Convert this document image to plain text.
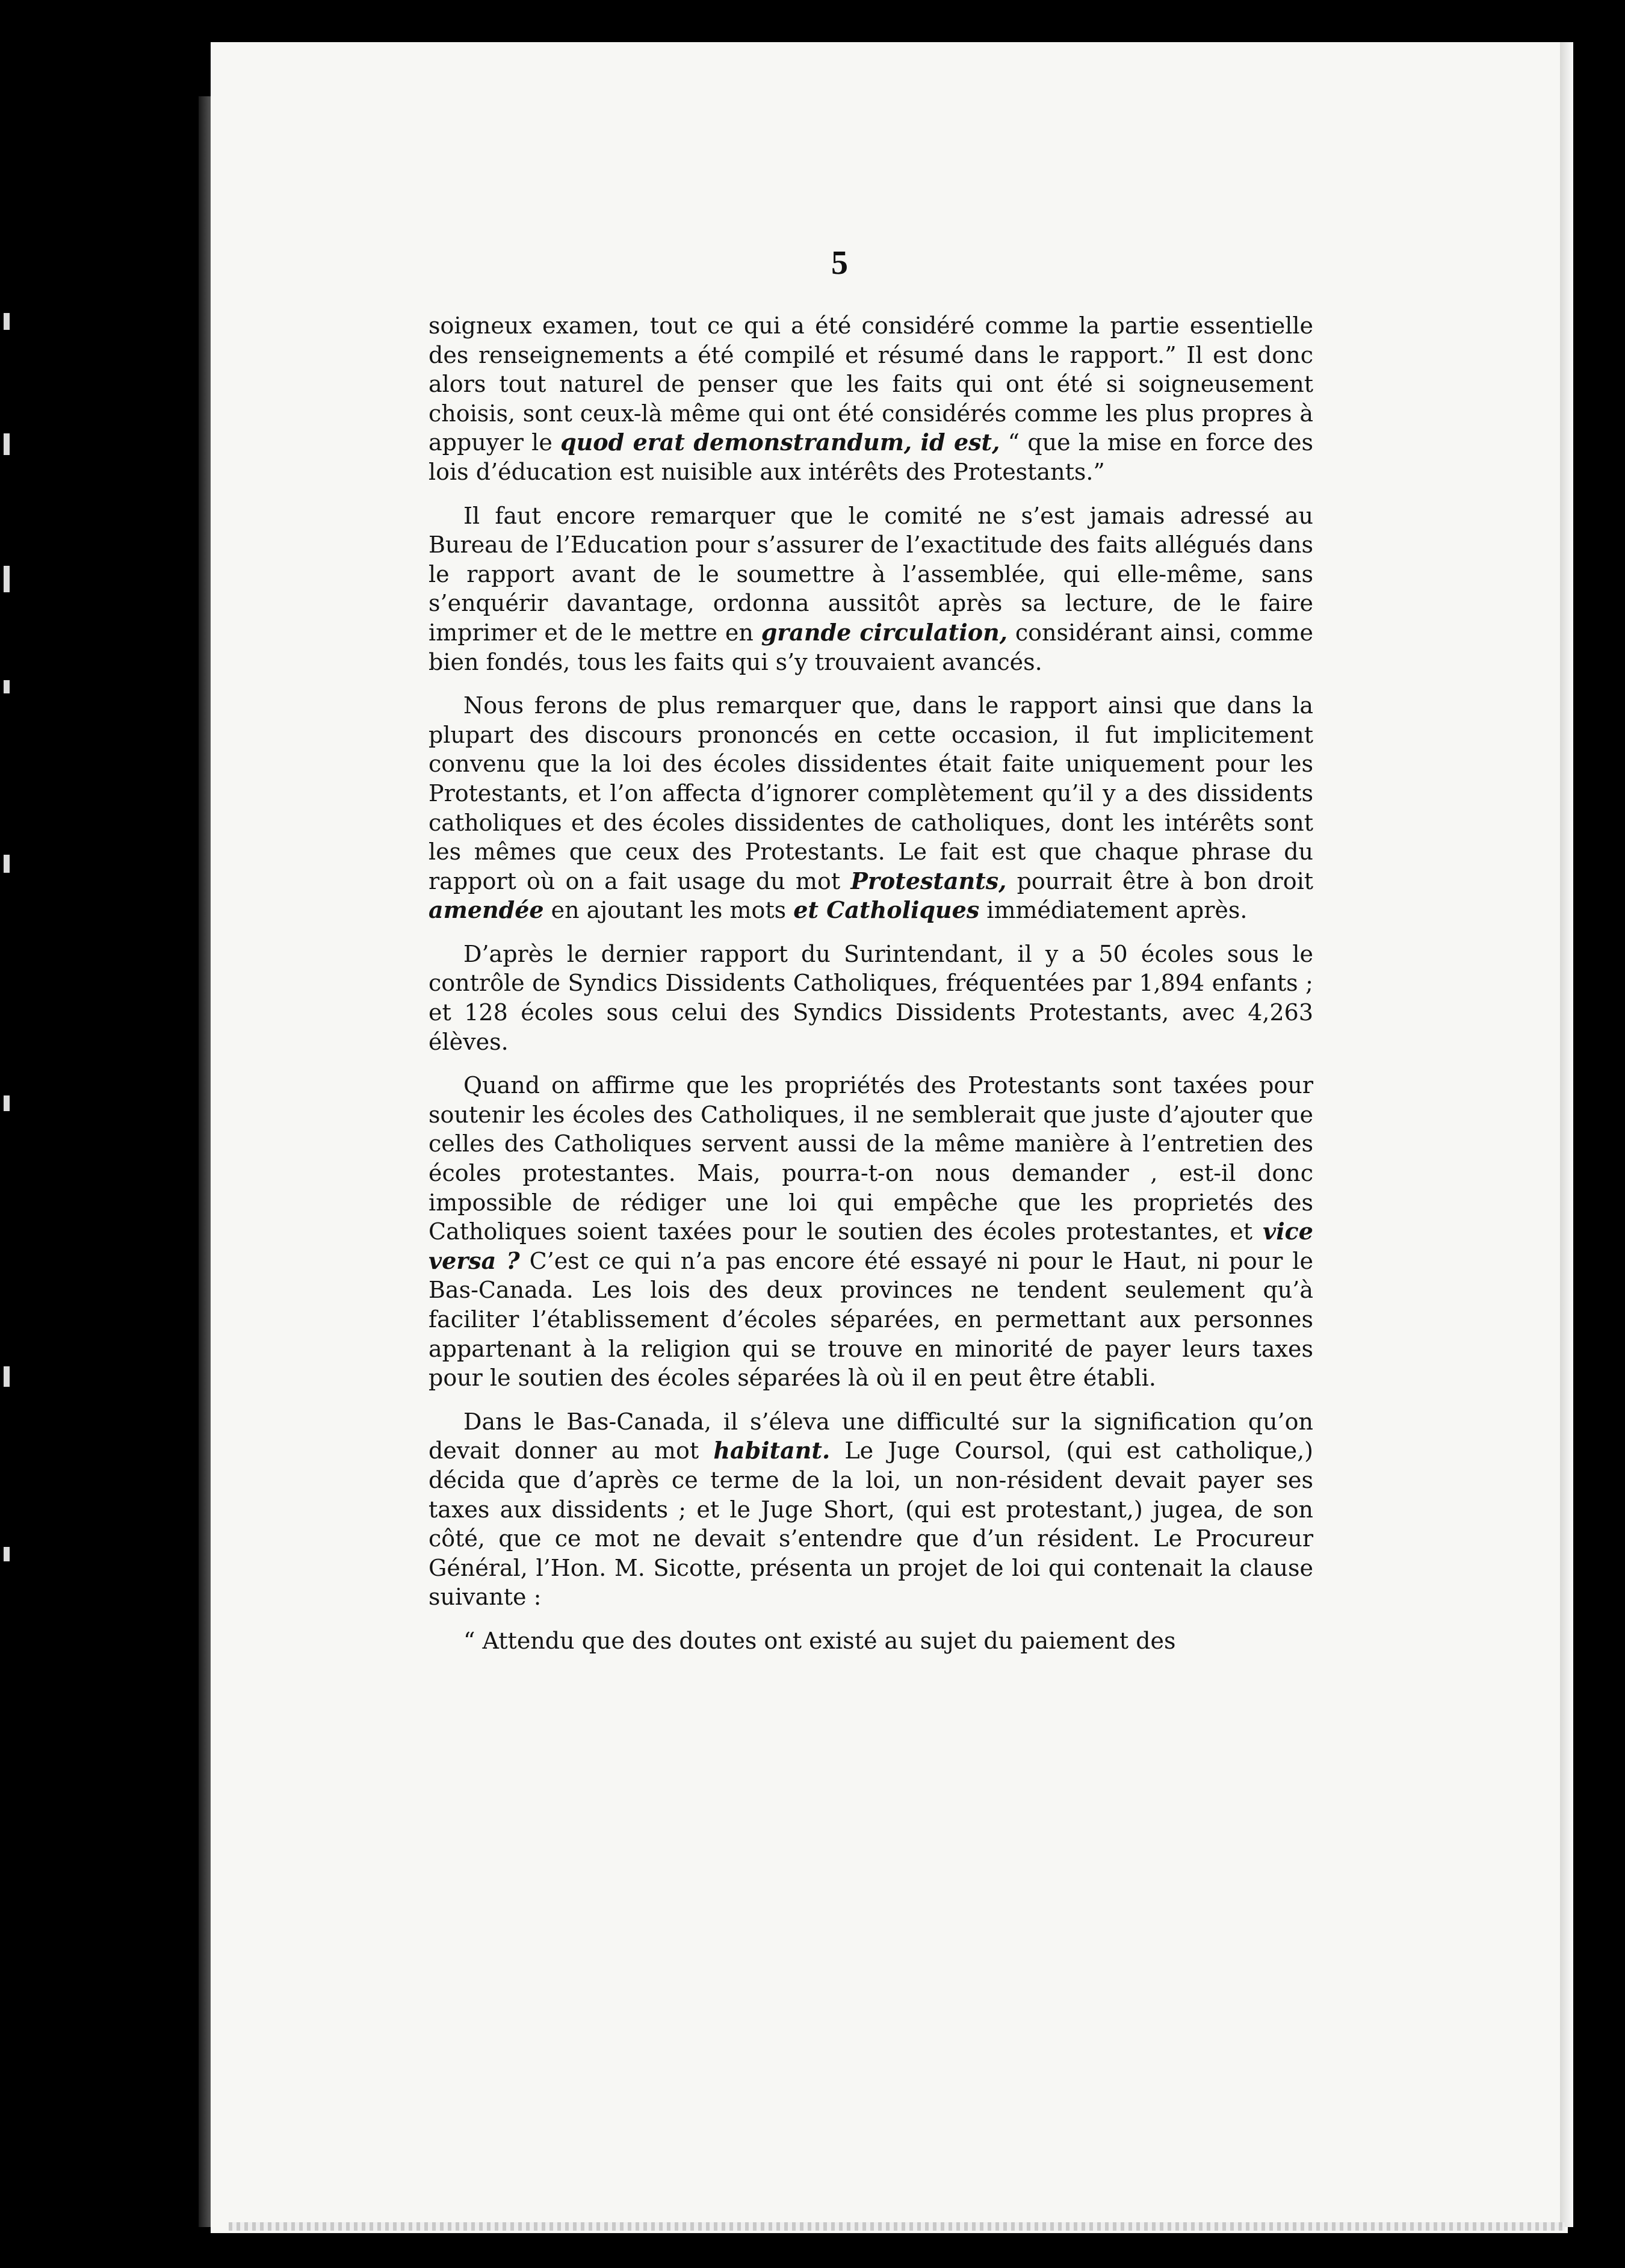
5

soigneux examen, tout ce qui a été considéré comme la partie essentielle des renseignements a été compilé et résumé dans le rapport.” Il est donc alors tout naturel de penser que les faits qui ont été si soigneusement choisis, sont ceux-là même qui ont été considérés comme les plus propres à appuyer le quod erat demonstrandum, id est, “ que la mise en force des lois d’éducation est nuisible aux intérêts des Protestants.”

Il faut encore remarquer que le comité ne s’est jamais adressé au Bureau de l’Education pour s’assurer de l’exactitude des faits allégués dans le rapport avant de le soumettre à l’assemblée, qui elle-même, sans s’enquérir davantage, ordonna aussitôt après sa lecture, de le faire imprimer et de le mettre en grande circulation, considérant ainsi, comme bien fondés, tous les faits qui s’y trouvaient avancés.

Nous ferons de plus remarquer que, dans le rapport ainsi que dans la plupart des discours prononcés en cette occasion, il fut implicitement convenu que la loi des écoles dissidentes était faite uniquement pour les Protestants, et l’on affecta d’ignorer complètement qu’il y a des dissidents catholiques et des écoles dissidentes de catholiques, dont les intérêts sont les mêmes que ceux des Protestants. Le fait est que chaque phrase du rapport où on a fait usage du mot Protestants, pourrait être à bon droit amendée en ajoutant les mots et Catholiques immédiatement après.

D’après le dernier rapport du Surintendant, il y a 50 écoles sous le contrôle de Syndics Dissidents Catholiques, fréquentées par 1,894 enfants ; et 128 écoles sous celui des Syndics Dissidents Protestants, avec 4,263 élèves.

Quand on affirme que les propriétés des Protestants sont taxées pour soutenir les écoles des Catholiques, il ne semblerait que juste d’ajouter que celles des Catholiques servent aussi de la même manière à l’entretien des écoles protestantes. Mais, pourra-t-on nous demander , est-il donc impossible de rédiger une loi qui empêche que les proprietés des Catholiques soient taxées pour le soutien des écoles protestantes, et vice versa ? C’est ce qui n’a pas encore été essayé ni pour le Haut, ni pour le Bas-Canada. Les lois des deux provinces ne tendent seulement qu’à faciliter l’établissement d’écoles séparées, en permettant aux personnes appartenant à la religion qui se trouve en minorité de payer leurs taxes pour le soutien des écoles séparées là où il en peut être établi.

Dans le Bas-Canada, il s’éleva une difficulté sur la signification qu’on devait donner au mot habitant. Le Juge Coursol, (qui est catholique,) décida que d’après ce terme de la loi, un non-résident devait payer ses taxes aux dissidents ; et le Juge Short, (qui est protestant,) jugea, de son côté, que ce mot ne devait s’entendre que d’un résident. Le Procureur Général, l’Hon. M. Sicotte, présenta un projet de loi qui contenait la clause suivante :

“ Attendu que des doutes ont existé au sujet du paiement des
